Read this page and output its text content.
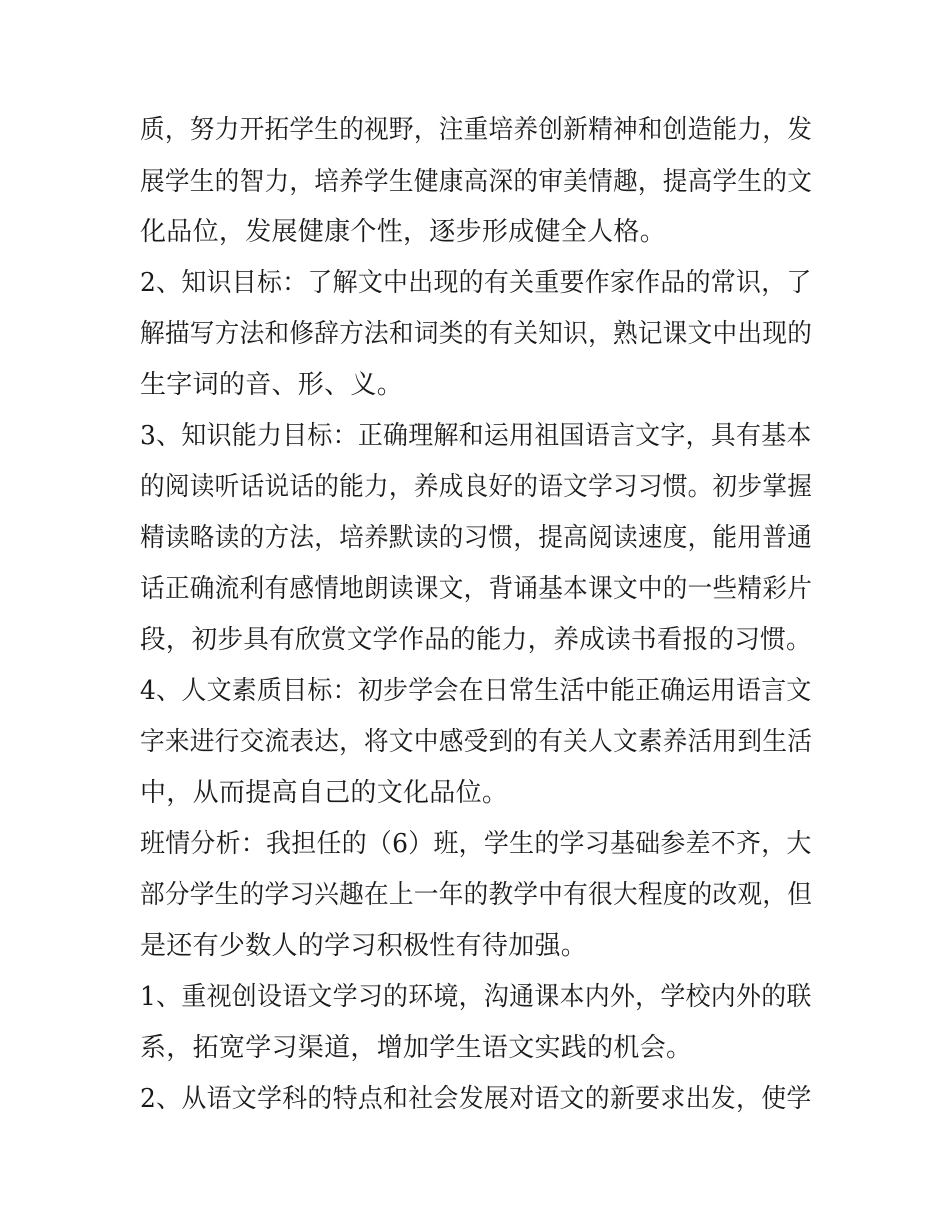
质，努力开拓学生的视野，注重培养创新精神和创造能力，发

展学生的智力，培养学生健康高深的审美情趣，提高学生的文

化品位，发展健康个性，逐步形成健全人格。

2、知识目标：了解文中出现的有关重要作家作品的常识，了

解描写方法和修辞方法和词类的有关知识，熟记课文中出现的

生字词的音、形、义。

3、知识能力目标：正确理解和运用祖国语言文字，具有基本

的阅读听话说话的能力，养成良好的语文学习习惯。初步掌握

精读略读的方法，培养默读的习惯，提高阅读速度，能用普通

话正确流利有感情地朗读课文，背诵基本课文中的一些精彩片

段，初步具有欣赏文学作品的能力，养成读书看报的习惯。

4、人文素质目标：初步学会在日常生活中能正确运用语言文

字来进行交流表达，将文中感受到的有关人文素养活用到生活

中，从而提高自己的文化品位。

班情分析：我担任的（6）班，学生的学习基础参差不齐，大

部分学生的学习兴趣在上一年的教学中有很大程度的改观，但

是还有少数人的学习积极性有待加强。

1、重视创设语文学习的环境，沟通课本内外，学校内外的联

系，拓宽学习渠道，增加学生语文实践的机会。

2、从语文学科的特点和社会发展对语文的新要求出发，使学
